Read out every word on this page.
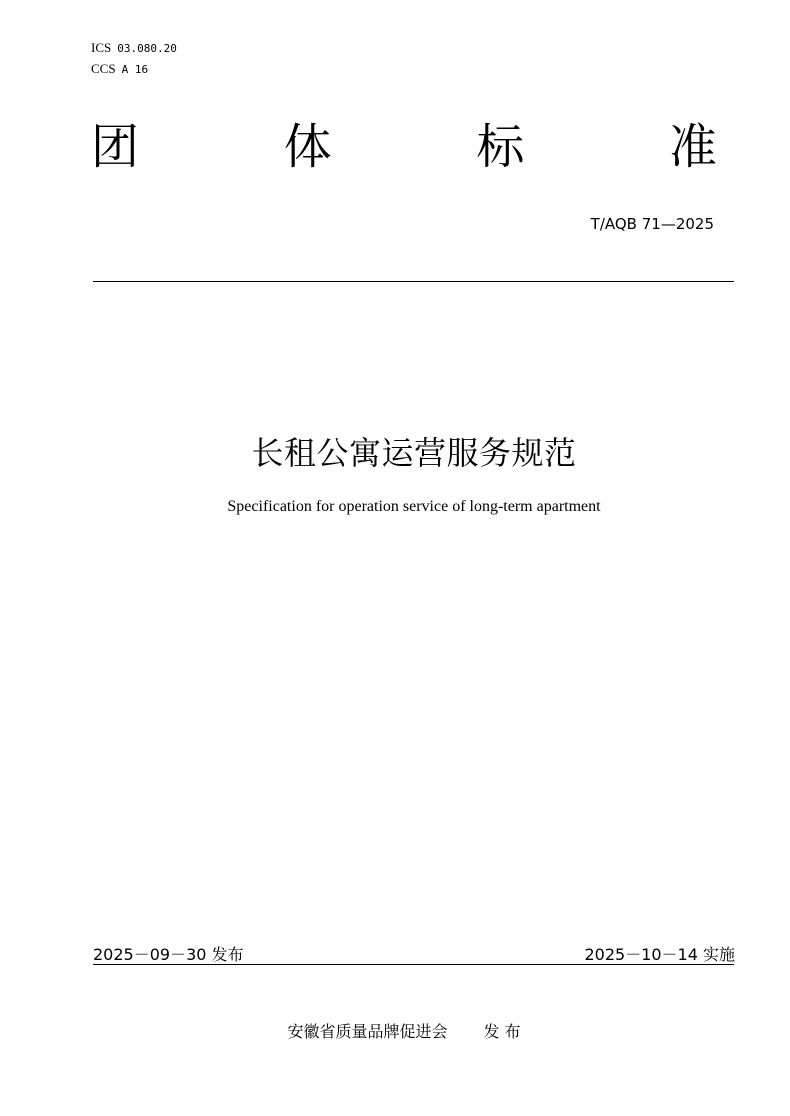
ICS 03.080.20
CCS A 16
团	体	标	准
T/AQB 71—2025
长租公寓运营服务规范
Specification for operation service of long-term apartment
2025－09－30 发布	2025－10－14 实施
安徽省质量品牌促进会 发 布
